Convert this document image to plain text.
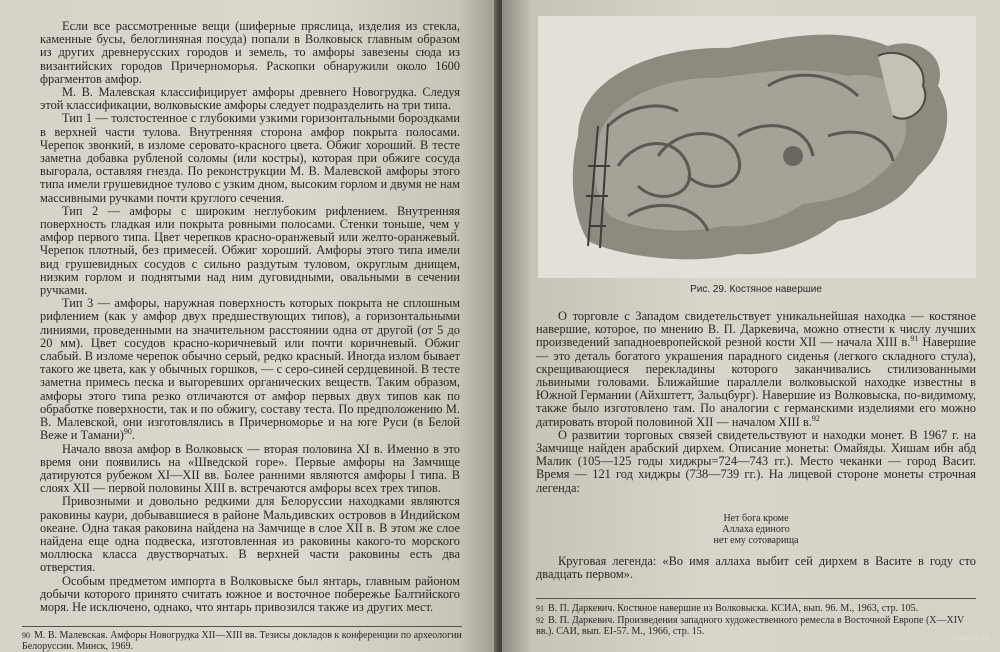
Если все рассмотренные вещи (шиферные пряслица, изделия из стекла, каменные бусы, белоглиняная посуда) попали в Волковыск главным образом из других древнерусских городов и земель, то амфоры завезены сюда из византийских городов Причерноморья. Раскопки обнаружили около 1600 фрагментов амфор.

М. В. Малевская классифицирует амфоры древнего Новогрудка. Следуя этой классификации, волковыские амфоры следует подразделить на три типа.

Тип 1 — толстостенное с глубокими узкими горизонтальными бороздками в верхней части тулова. Внутренняя сторона амфор покрыта полосами. Черепок звонкий, в изломе серовато-красного цвета. Обжиг хороший. В тесте заметна добавка рубленой соломы (или костры), которая при обжиге сосуда выгорала, оставляя гнезда. По реконструкции М. В. Малевской амфоры этого типа имели грушевидное тулово с узким дном, высоким горлом и двумя не нам массивными ручками почти круглого сечения.

Тип 2 — амфоры с широким неглубоким рифлением. Внутренняя поверхность гладкая или покрыта ровными полосами. Стенки тоньше, чем у амфор первого типа. Цвет черепков красно-оранжевый или желто-оранжевый. Черепок плотный, без примесей. Обжиг хороший. Амфоры этого типа имели вид грушевидных сосудов с сильно раздутым туловом, округлым днищем, низким горлом и поднятыми над ним дуговидными, овальными в сечении ручками.

Тип 3 — амфоры, наружная поверхность которых покрыта не сплошным рифлением (как у амфор двух предшествующих типов), а горизонтальными линиями, проведенными на значительном расстоянии одна от другой (от 5 до 20 мм). Цвет сосудов красно-коричневый или почти коричневый. Обжиг слабый. В изломе черепок обычно серый, редко красный. Иногда излом бывает такого же цвета, как у обычных горшков, — с серо-синей сердцевиной. В тесте заметна примесь песка и выгоревших органических веществ. Таким образом, амфоры этого типа резко отличаются от амфор первых двух типов как по обработке поверхности, так и по обжигу, составу теста. По предположению М. В. Малевской, они изготовлялись в Причерноморье и на юге Руси (в Белой Веже и Тамани)$^{90}$.

Начало ввоза амфор в Волковыск — вторая половина XI в. Именно в это время они появились на «Шведской горе». Первые амфоры на Замчище датируются рубежом XI—XII вв. Более ранними являются амфоры I типа. В слоях XII — первой половины XIII в. встречаются амфоры всех трех типов.

Привозными и довольно редкими для Белоруссии находками являются раковины каури, добывавшиеся в районе Мальдивских островов в Индийском океане. Одна такая раковина найдена на Замчище в слое XII в. В этом же слое найдена еще одна подвеска, изготовленная из раковины какого-то морского моллюска класса двустворчатых. В верхней части раковины есть два отверстия.

Особым предметом импорта в Волковыске был янтарь, главным районом добычи которого принято считать южное и восточное побережье Балтийского моря. Не исключено, однако, что янтарь привозился также из других мест.

$^{90}$ М. В. Малевская. Амфоры Новогрудка XII—XIII вв. Тезисы докладов к конференции по археологии Белоруссии. Минск, 1969.
Рис. 29. Костяное навершие

О торговле с Западом свидетельствует уникальнейшая находка — костяное навершие, которое, по мнению В. П. Даркевича, можно отнести к числу лучших произведений западноевропейской резной кости XII — начала XIII в.$^{91}$ Навершие — это деталь богатого украшения парадного сиденья (легкого складного стула), скрещивающиеся перекладины которого заканчивались стилизованными львиными головами. Ближайшие параллели волковыской находке известны в Южной Германии (Айхштетт, Зальцбург). Навершие из Волковыска, по-видимому, также было изготовлено там. По аналогии с германскими изделиями его можно датировать второй половиной XII — началом XIII в.$^{92}$

О развитии торговых связей свидетельствуют и находки монет. В 1967 г. на Замчище найден арабский дирхем. Описание монеты: Омайяды. Хишам ибн абд Малик (105—125 годы хиджры=724—743 гг.). Место чеканки — город Васит. Время — 121 год хиджры (738—739 гг.). На лицевой стороне монеты строчная легенда:

Нет бога кроме
Аллаха единого
нет ему сотоварища

Круговая легенда: «Во имя аллаха выбит сей дирхем в Васите в году сто двадцать первом».

$^{91}$ В. П. Даркевич. Костяное навершие из Волковыска. КСИА, вып. 96. М., 1963, стр. 105.
$^{92}$ В. П. Даркевич. Произведения западного художественного ремесла в Восточной Европе (X—XIV вв.). САИ, вып. ЕI-57. М., 1966, стр. 15.
meshok.ru
